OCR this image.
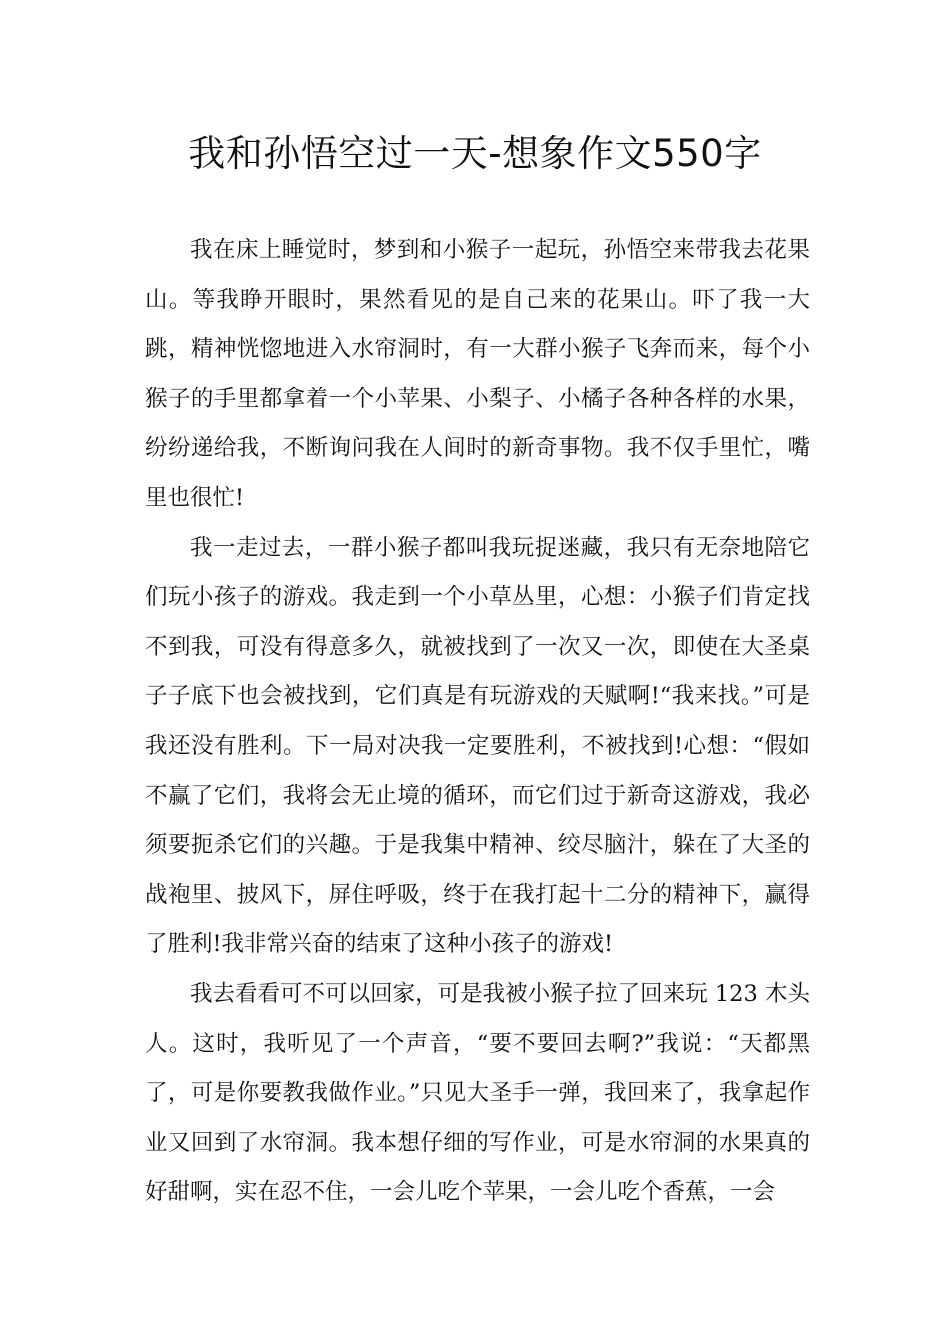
我和孙悟空过一天-想象作文550字

我在床上睡觉时，梦到和小猴子一起玩，孙悟空来带我去花果山。等我睁开眼时，果然看见的是自己来的花果山。吓了我一大跳，精神恍惚地进入水帘洞时，有一大群小猴子飞奔而来，每个小猴子的手里都拿着一个小苹果、小梨子、小橘子各种各样的水果，纷纷递给我，不断询问我在人间时的新奇事物。我不仅手里忙，嘴里也很忙!

我一走过去，一群小猴子都叫我玩捉迷藏，我只有无奈地陪它们玩小孩子的游戏。我走到一个小草丛里，心想：小猴子们肯定找不到我，可没有得意多久，就被找到了一次又一次，即使在大圣桌子子底下也会被找到，它们真是有玩游戏的天赋啊!“我来找。”可是我还没有胜利。下一局对决我一定要胜利，不被找到!心想：“假如不赢了它们，我将会无止境的循环，而它们过于新奇这游戏，我必须要扼杀它们的兴趣。于是我集中精神、绞尽脑汁，躲在了大圣的战袍里、披风下，屏住呼吸，终于在我打起十二分的精神下，赢得了胜利!我非常兴奋的结束了这种小孩子的游戏!

我去看看可不可以回家，可是我被小猴子拉了回来玩 123 木头人。这时，我听见了一个声音，“要不要回去啊?”我说：“天都黑了，可是你要教我做作业。”只见大圣手一弹，我回来了，我拿起作业又回到了水帘洞。我本想仔细的写作业，可是水帘洞的水果真的好甜啊，实在忍不住，一会儿吃个苹果，一会儿吃个香蕉，一会
